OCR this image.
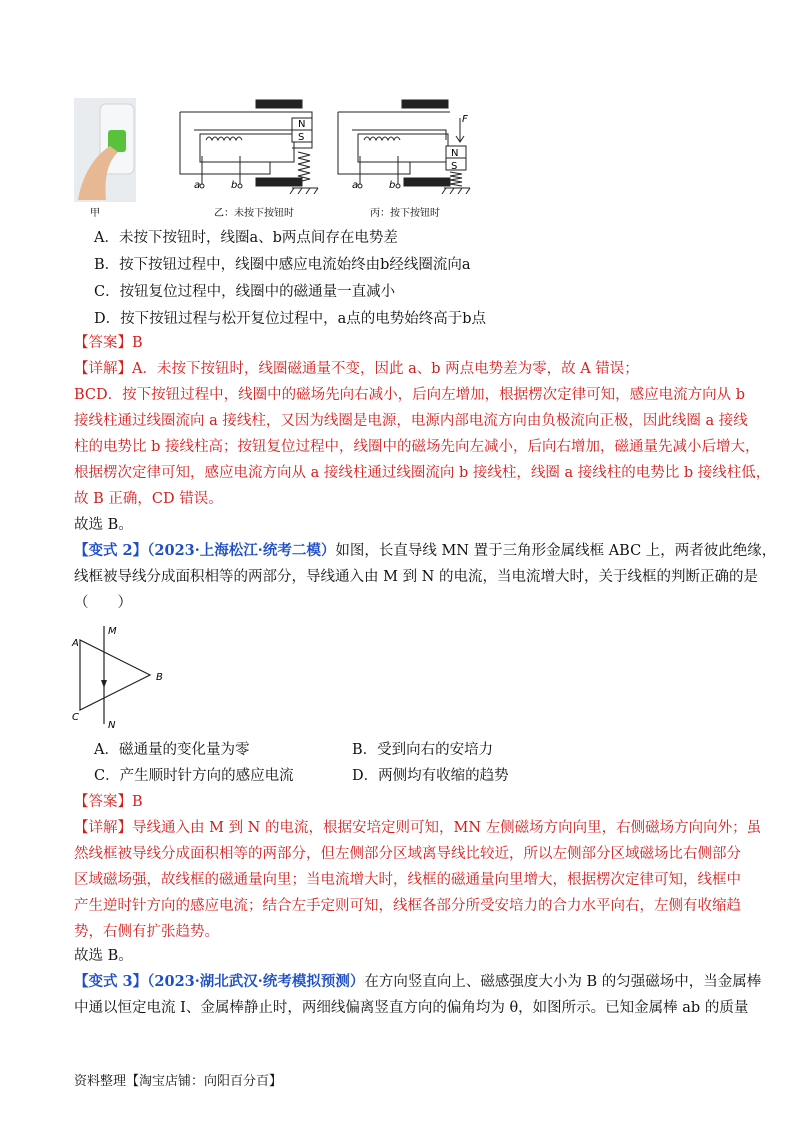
甲
N
S
a	b
乙：未按下按钮时
F
N
S
a	b
丙：按下按钮时
A．未按下按钮时，线圈a、b两点间存在电势差
B．按下按钮过程中，线圈中感应电流始终由b经线圈流向a
C．按钮复位过程中，线圈中的磁通量一直减小
D．按下按钮过程与松开复位过程中，a点的电势始终高于b点
【答案】B
【详解】A．未按下按钮时，线圈磁通量不变，因此 a、b 两点电势差为零，故 A 错误；
BCD．按下按钮过程中，线圈中的磁场先向右减小，后向左增加，根据楞次定律可知，感应电流方向从 b
接线柱通过线圈流向 a 接线柱，又因为线圈是电源，电源内部电流方向由负极流向正极，因此线圈 a 接线
柱的电势比 b 接线柱高；按钮复位过程中，线圈中的磁场先向左减小，后向右增加，磁通量先减小后增大，
根据楞次定律可知，感应电流方向从 a 接线柱通过线圈流向 b 接线柱，线圈 a 接线柱的电势比 b 接线柱低，
故 B 正确，CD 错误。
故选 B。
【变式 2】（2023·上海松江·统考二模）如图，长直导线 MN 置于三角形金属线框 ABC 上，两者彼此绝缘，
线框被导线分成面积相等的两部分，导线通入由 M 到 N 的电流，当电流增大时，关于线框的判断正确的是
（　　）
A
C
B
M
N
A．磁通量的变化量为零	B．受到向右的安培力
C．产生顺时针方向的感应电流	D．两侧均有收缩的趋势
【答案】B
【详解】导线通入由 M 到 N 的电流，根据安培定则可知，MN 左侧磁场方向向里，右侧磁场方向向外；虽
然线框被导线分成面积相等的两部分，但左侧部分区域离导线比较近，所以左侧部分区域磁场比右侧部分
区域磁场强，故线框的磁通量向里；当电流增大时，线框的磁通量向里增大，根据楞次定律可知，线框中
产生逆时针方向的感应电流；结合左手定则可知，线框各部分所受安培力的合力水平向右，左侧有收缩趋
势，右侧有扩张趋势。
故选 B。
【变式 3】（2023·湖北武汉·统考模拟预测）在方向竖直向上、磁感强度大小为 B 的匀强磁场中，当金属棒
中通以恒定电流 I、金属棒静止时，两细线偏离竖直方向的偏角均为 θ，如图所示。已知金属棒 ab 的质量
资料整理【淘宝店铺：向阳百分百】
